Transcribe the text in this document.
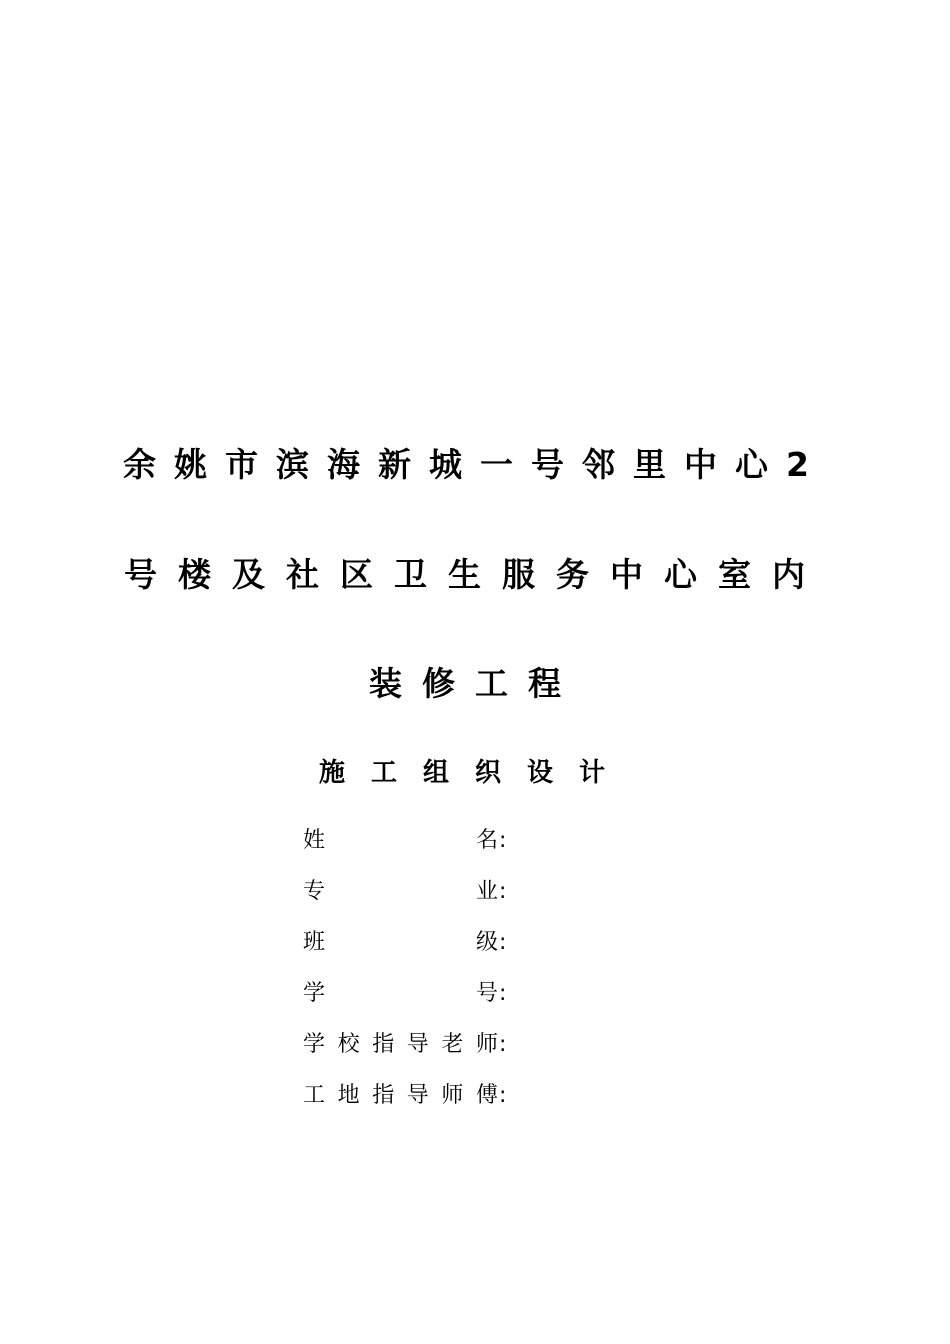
余姚市滨海新城一号邻里中心2
号楼及社区卫生服务中心室内
装修工程
施工组织设计
姓	名 :
专	业 :
班	级 :
学	号 :
学 校 指 导 老 师 :
工 地 指 导 师 傅 :
